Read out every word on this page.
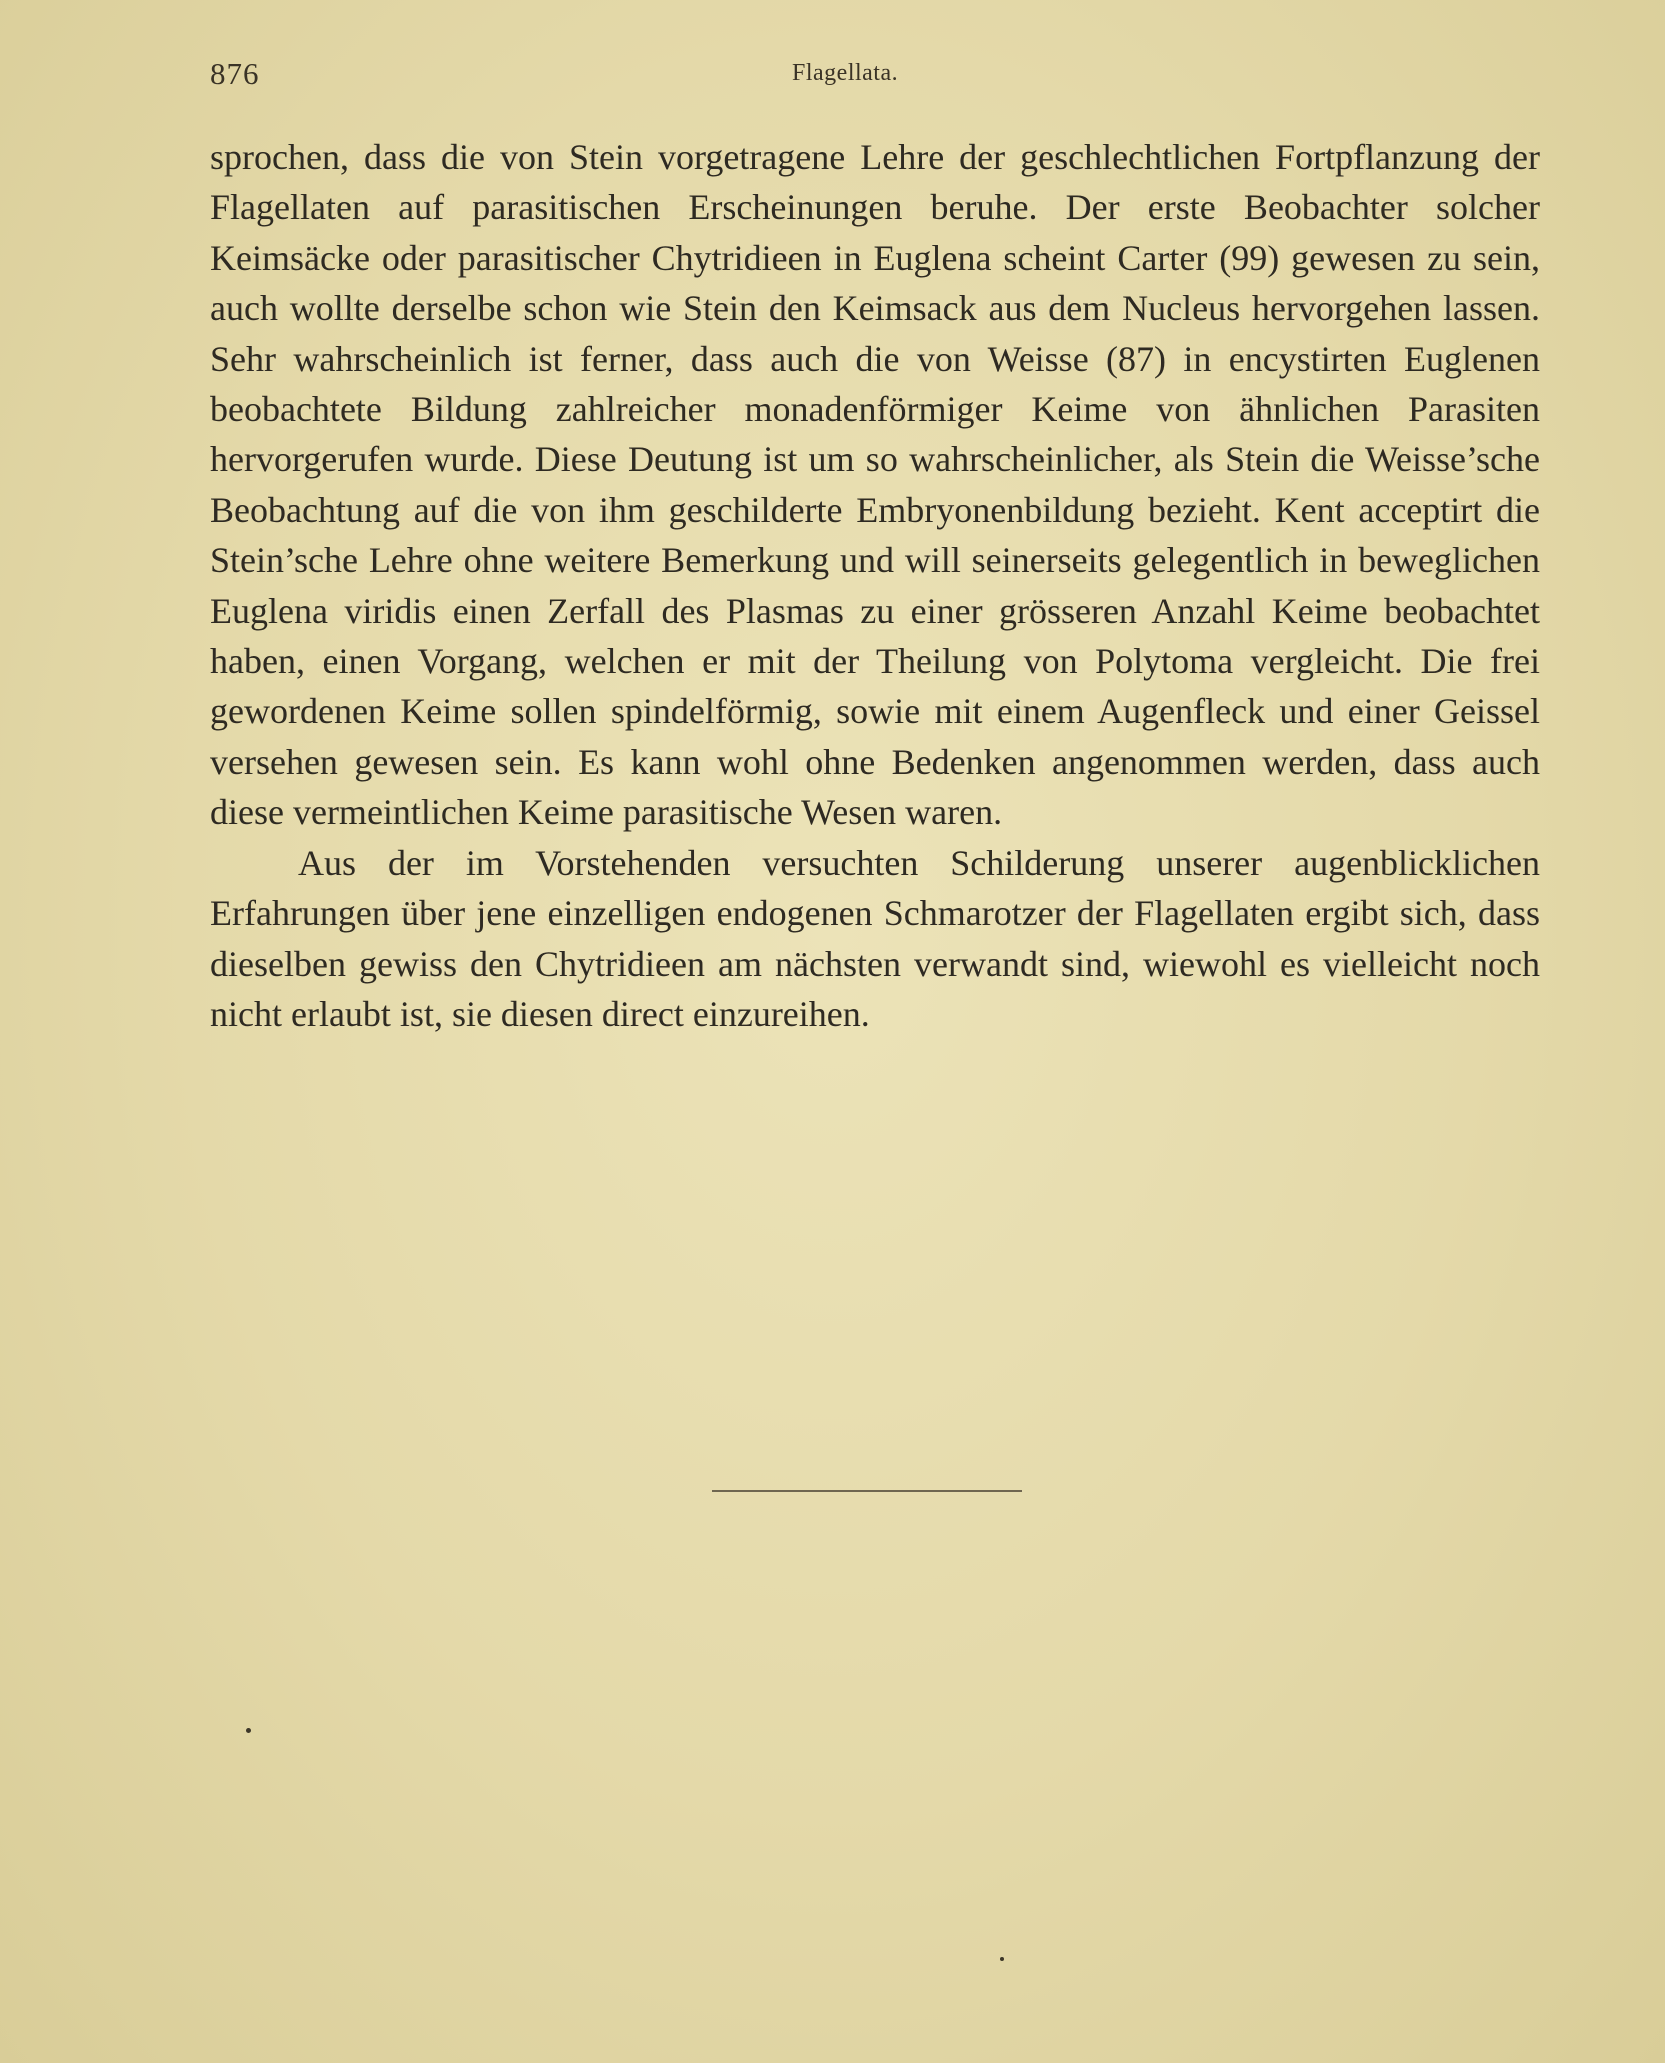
876	Flagellata.

sprochen, dass die von Stein vorgetragene Lehre der geschlechtlichen Fortpflanzung der Flagellaten auf parasitischen Erscheinungen beruhe. Der erste Beobachter solcher Keimsäcke oder parasitischer Chytridieen in Euglena scheint Carter (99) gewesen zu sein, auch wollte derselbe schon wie Stein den Keimsack aus dem Nucleus hervorgehen lassen. Sehr wahrscheinlich ist ferner, dass auch die von Weisse (87) in encystirten Euglenen beobachtete Bildung zahlreicher monadenförmiger Keime von ähnlichen Parasiten hervorgerufen wurde. Diese Deutung ist um so wahrscheinlicher, als Stein die Weisse’sche Beobachtung auf die von ihm geschilderte Embryonenbildung bezieht. Kent acceptirt die Stein’sche Lehre ohne weitere Bemerkung und will seinerseits gelegentlich in beweglichen Euglena viridis einen Zerfall des Plasmas zu einer grösseren Anzahl Keime beobachtet haben, einen Vorgang, welchen er mit der Theilung von Polytoma vergleicht. Die frei gewordenen Keime sollen spindelförmig, sowie mit einem Augenfleck und einer Geissel versehen gewesen sein. Es kann wohl ohne Bedenken angenommen werden, dass auch diese vermeintlichen Keime parasitische Wesen waren.

Aus der im Vorstehenden versuchten Schilderung unserer augenblicklichen Erfahrungen über jene einzelligen endogenen Schmarotzer der Flagellaten ergibt sich, dass dieselben gewiss den Chytridieen am nächsten verwandt sind, wiewohl es vielleicht noch nicht erlaubt ist, sie diesen direct einzureihen.
